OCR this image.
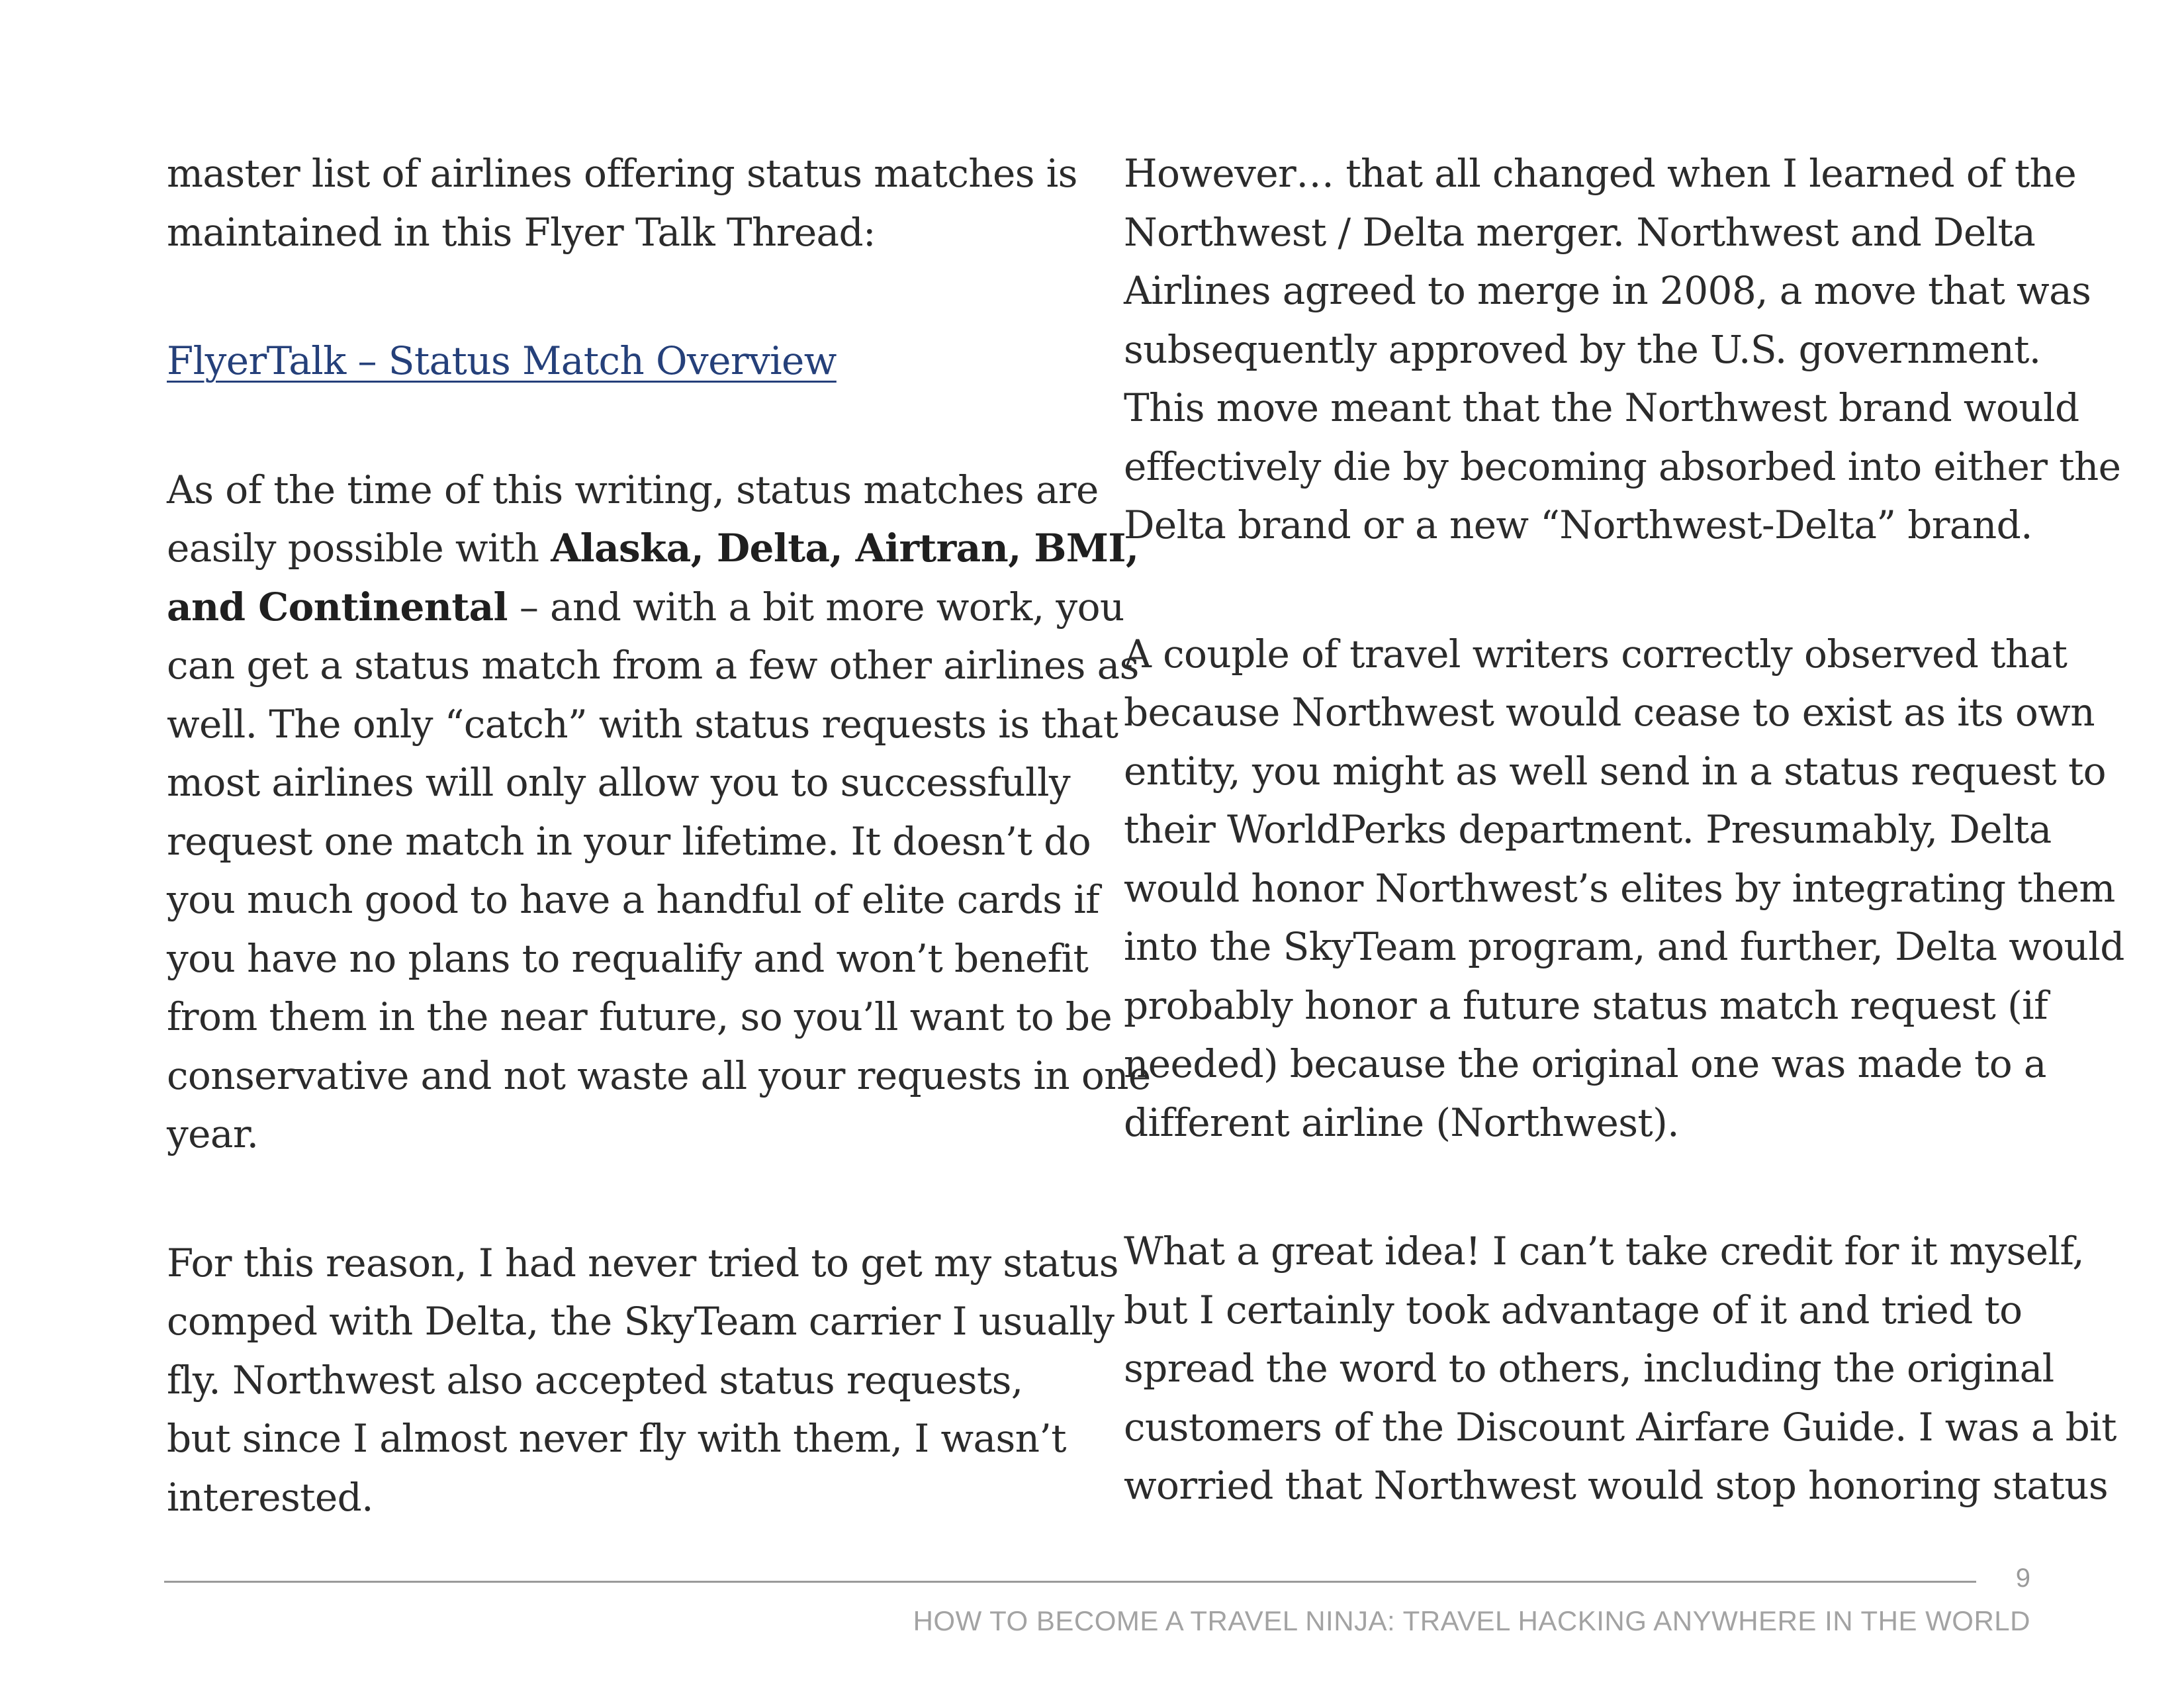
master list of airlines offering status matches is
maintained in this Flyer Talk Thread:
FlyerTalk – Status Match Overview
As of the time of this writing, status matches are
easily possible with Alaska, Delta, Airtran, BMI,
and Continental – and with a bit more work, you
can get a status match from a few other airlines as
well. The only “catch” with status requests is that
most airlines will only allow you to successfully
request one match in your lifetime. It doesn’t do
you much good to have a handful of elite cards if
you have no plans to requalify and won’t benefit
from them in the near future, so you’ll want to be
conservative and not waste all your requests in one
year.
For this reason, I had never tried to get my status
comped with Delta, the SkyTeam carrier I usually
fly. Northwest also accepted status requests,
but since I almost never fly with them, I wasn’t
interested.
However… that all changed when I learned of the
Northwest / Delta merger. Northwest and Delta
Airlines agreed to merge in 2008, a move that was
subsequently approved by the U.S. government.
This move meant that the Northwest brand would
effectively die by becoming absorbed into either the
Delta brand or a new “Northwest-Delta” brand.
A couple of travel writers correctly observed that
because Northwest would cease to exist as its own
entity, you might as well send in a status request to
their WorldPerks department. Presumably, Delta
would honor Northwest’s elites by integrating them
into the SkyTeam program, and further, Delta would
probably honor a future status match request (if
needed) because the original one was made to a
different airline (Northwest).
What a great idea! I can’t take credit for it myself,
but I certainly took advantage of it and tried to
spread the word to others, including the original
customers of the Discount Airfare Guide. I was a bit
worried that Northwest would stop honoring status
9
HOW TO BECOME A TRAVEL NINJA: TRAVEL HACKING ANYWHERE IN THE WORLD
